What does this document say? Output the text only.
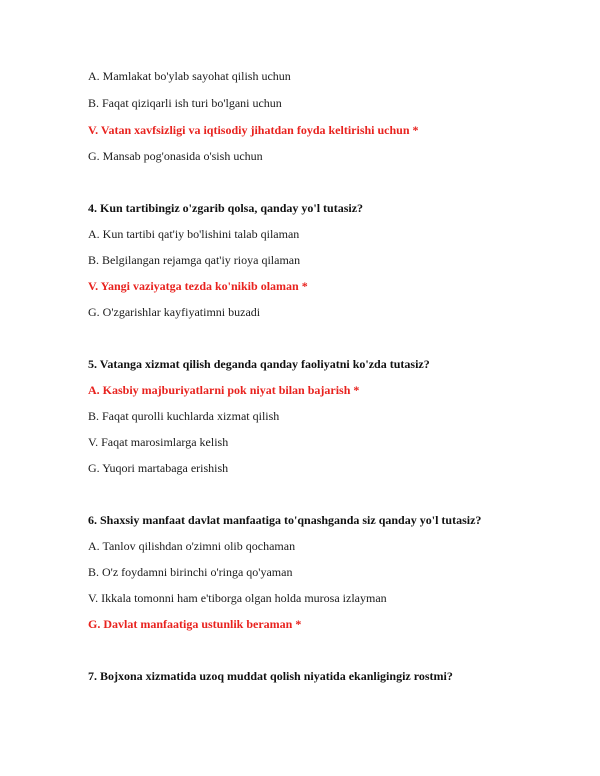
A. Mamlakat bo'ylab sayohat qilish uchun
B. Faqat qiziqarli ish turi bo'lgani uchun
V. Vatan xavfsizligi va iqtisodiy jihatdan foyda keltirishi uchun *
G. Mansab pog'onasida o'sish uchun
4. Kun tartibingiz o'zgarib qolsa, qanday yo'l tutasiz?
A. Kun tartibi qat'iy bo'lishini talab qilaman
B. Belgilangan rejamga qat'iy rioya qilaman
V. Yangi vaziyatga tezda ko'nikib olaman *
G. O'zgarishlar kayfiyatimni buzadi
5. Vatanga xizmat qilish deganda qanday faoliyatni ko'zda tutasiz?
A. Kasbiy majburiyatlarni pok niyat bilan bajarish *
B. Faqat qurolli kuchlarda xizmat qilish
V. Faqat marosimlarga kelish
G. Yuqori martabaga erishish
6. Shaxsiy manfaat davlat manfaatiga to'qnashganda siz qanday yo'l tutasiz?
A. Tanlov qilishdan o'zimni olib qochaman
B. O'z foydamni birinchi o'ringa qo'yaman
V. Ikkala tomonni ham e'tiborga olgan holda murosa izlayman
G. Davlat manfaatiga ustunlik beraman *
7. Bojxona xizmatida uzoq muddat qolish niyatida ekanligingiz rostmi?
